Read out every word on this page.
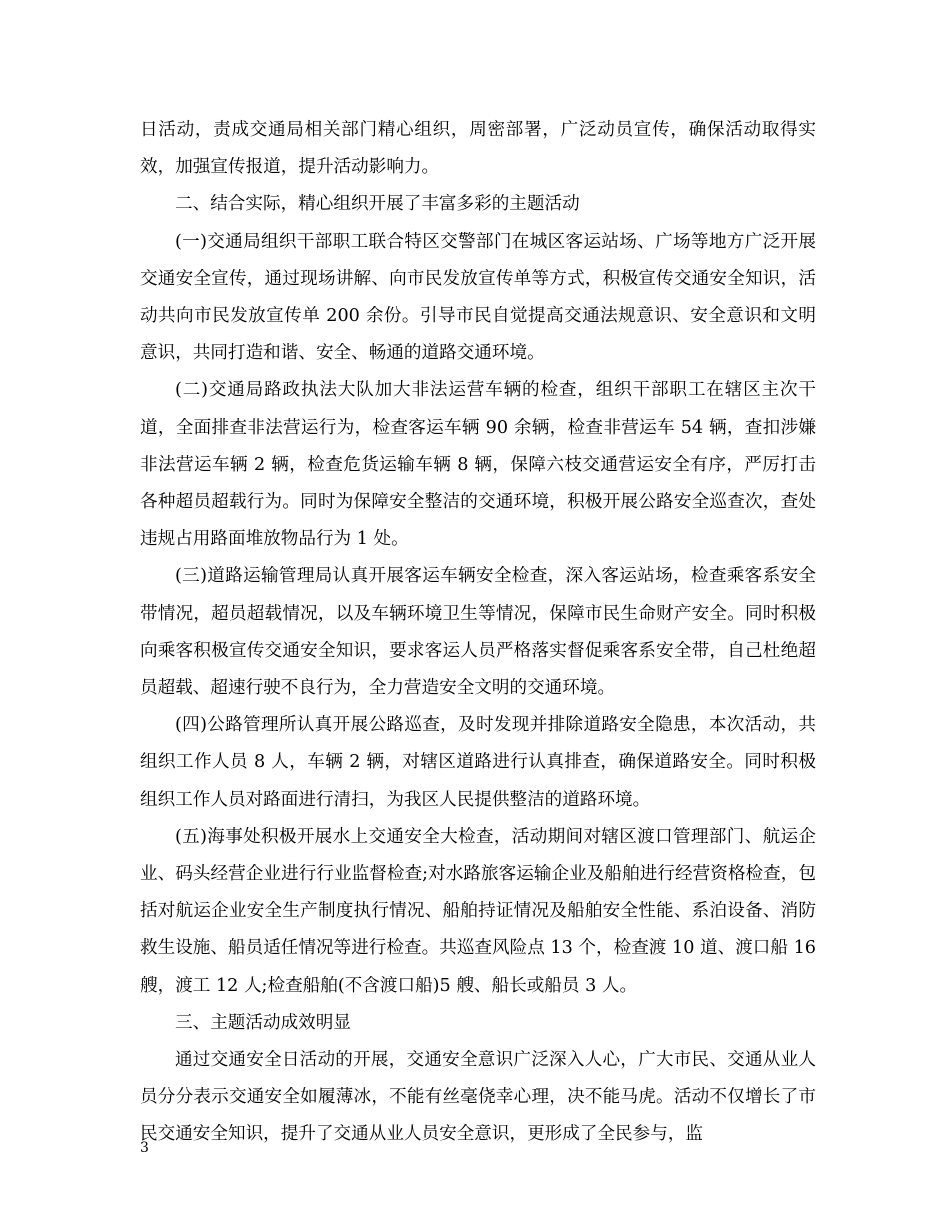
日活动，责成交通局相关部门精心组织，周密部署，广泛动员宣传，确保活动取得实效，加强宣传报道，提升活动影响力。

二、结合实际，精心组织开展了丰富多彩的主题活动

(一)交通局组织干部职工联合特区交警部门在城区客运站场、广场等地方广泛开展交通安全宣传，通过现场讲解、向市民发放宣传单等方式，积极宣传交通安全知识，活动共向市民发放宣传单 200 余份。引导市民自觉提高交通法规意识、安全意识和文明意识，共同打造和谐、安全、畅通的道路交通环境。

(二)交通局路政执法大队加大非法运营车辆的检查，组织干部职工在辖区主次干道，全面排查非法营运行为，检查客运车辆 90 余辆，检查非营运车 54 辆，查扣涉嫌非法营运车辆 2 辆，检查危货运输车辆 8 辆，保障六枝交通营运安全有序，严厉打击各种超员超载行为。同时为保障安全整洁的交通环境，积极开展公路安全巡查次，查处违规占用路面堆放物品行为 1 处。

(三)道路运输管理局认真开展客运车辆安全检查，深入客运站场，检查乘客系安全带情况，超员超载情况，以及车辆环境卫生等情况，保障市民生命财产安全。同时积极向乘客积极宣传交通安全知识，要求客运人员严格落实督促乘客系安全带，自己杜绝超员超载、超速行驶不良行为，全力营造安全文明的交通环境。

(四)公路管理所认真开展公路巡查，及时发现并排除道路安全隐患，本次活动，共组织工作人员 8 人，车辆 2 辆，对辖区道路进行认真排查，确保道路安全。同时积极组织工作人员对路面进行清扫，为我区人民提供整洁的道路环境。

(五)海事处积极开展水上交通安全大检查，活动期间对辖区渡口管理部门、航运企业、码头经营企业进行行业监督检查;对水路旅客运输企业及船舶进行经营资格检查，包括对航运企业安全生产制度执行情况、船舶持证情况及船舶安全性能、系泊设备、消防救生设施、船员适任情况等进行检查。共巡查风险点 13 个，检查渡 10 道、渡口船 16 艘，渡工 12 人;检查船舶(不含渡口船)5 艘、船长或船员 3 人。

三、主题活动成效明显

通过交通安全日活动的开展，交通安全意识广泛深入人心，广大市民、交通从业人员分分表示交通安全如履薄冰，不能有丝毫侥幸心理，决不能马虎。活动不仅增长了市民交通安全知识，提升了交通从业人员安全意识，更形成了全民参与，监

3
